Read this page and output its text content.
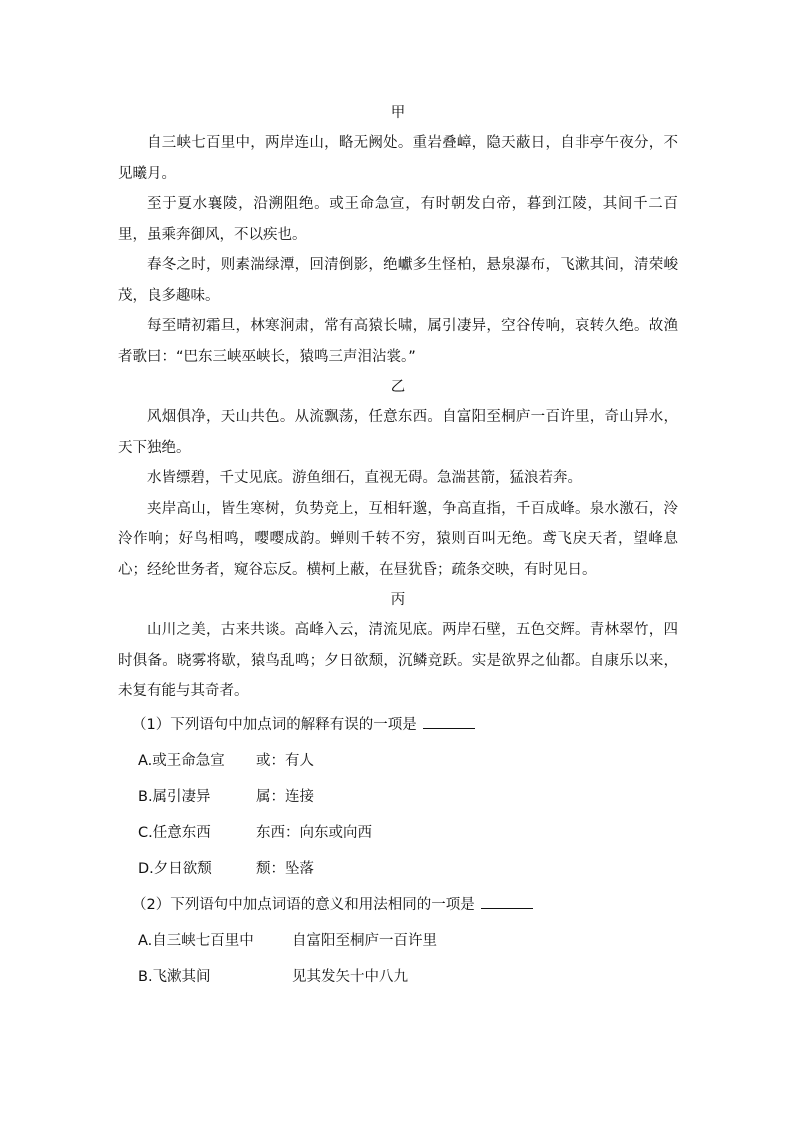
甲

自三峡七百里中，两岸连山，略无阙处。重岩叠嶂，隐天蔽日，自非亭午夜分，不见曦月。

至于夏水襄陵，沿溯阻绝。或王命急宣，有时朝发白帝，暮到江陵，其间千二百里，虽乘奔御风，不以疾也。

春冬之时，则素湍绿潭，回清倒影，绝巘多生怪柏，悬泉瀑布，飞漱其间，清荣峻茂，良多趣味。

每至晴初霜旦，林寒涧肃，常有高猿长啸，属引凄异，空谷传响，哀转久绝。故渔者歌曰：“巴东三峡巫峡长，猿鸣三声泪沾裳。”

乙

风烟俱净，天山共色。从流飘荡，任意东西。自富阳至桐庐一百许里，奇山异水，天下独绝。

水皆缥碧，千丈见底。游鱼细石，直视无碍。急湍甚箭，猛浪若奔。

夹岸高山，皆生寒树，负势竞上，互相轩邈，争高直指，千百成峰。泉水激石，泠泠作响；好鸟相鸣，嘤嘤成韵。蝉则千转不穷，猿则百叫无绝。鸢飞戾天者，望峰息心；经纶世务者，窥谷忘反。横柯上蔽，在昼犹昏；疏条交映，有时见日。

丙

山川之美，古来共谈。高峰入云，清流见底。两岸石壁，五色交辉。青林翠竹，四时俱备。晓雾将歇，猿鸟乱鸣；夕日欲颓，沉鳞竞跃。实是欲界之仙都。自康乐以来，未复有能与其奇者。

（1）下列语句中加点词的解释有误的一项是
A.或王命急宣	或：有人
B.属引凄异	属：连接
C.任意东西	东西：向东或向西
D.夕日欲颓	颓：坠落
（2）下列语句中加点词语的意义和用法相同的一项是
A.自三峡七百里中	自富阳至桐庐一百许里
B.飞漱其间	见其发矢十中八九
